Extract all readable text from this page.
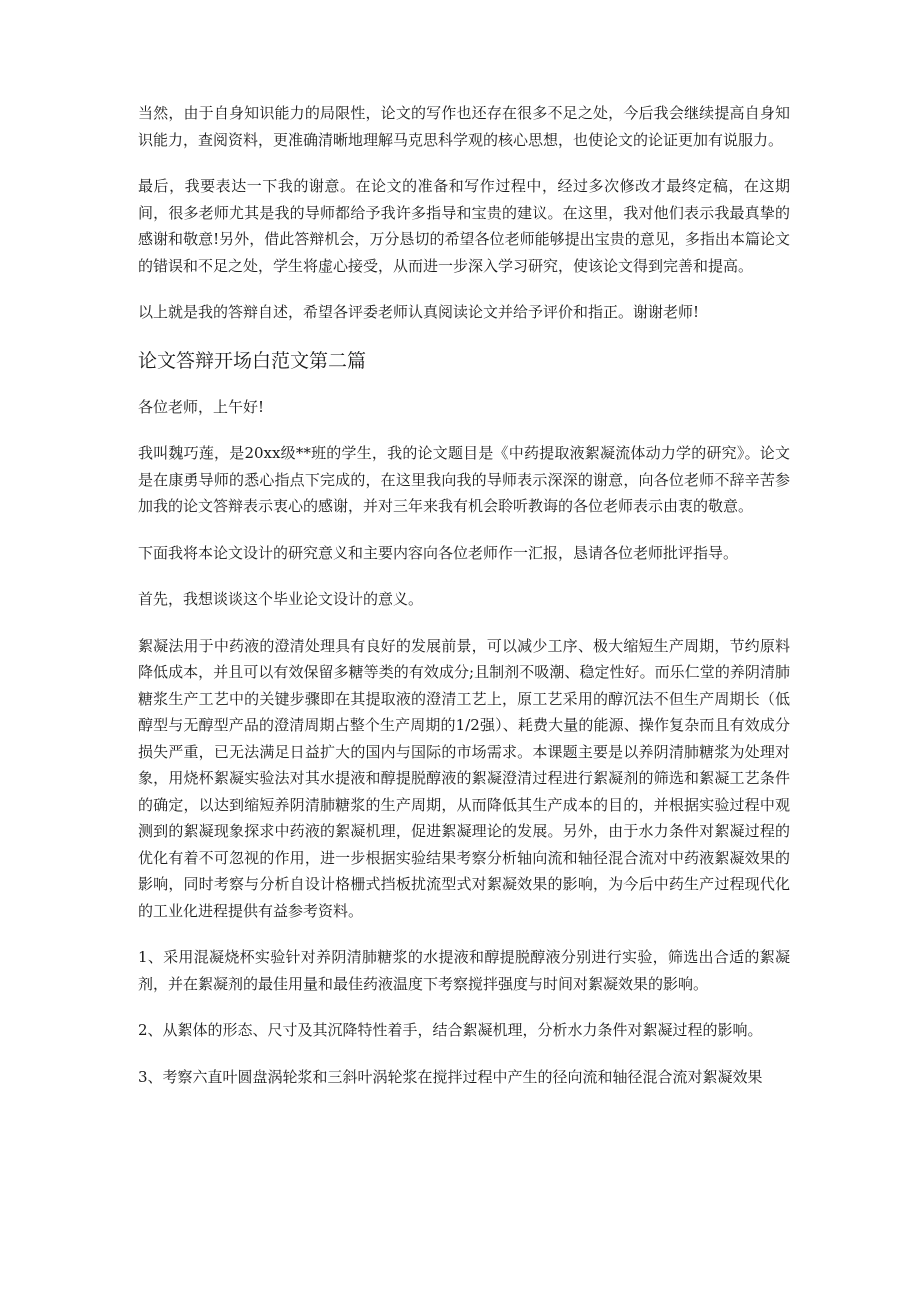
当然，由于自身知识能力的局限性，论文的写作也还存在很多不足之处，今后我会继续提高自身知识能力，查阅资料，更准确清晰地理解马克思科学观的核心思想，也使论文的论证更加有说服力。

最后，我要表达一下我的谢意。在论文的准备和写作过程中，经过多次修改才最终定稿，在这期间，很多老师尤其是我的导师都给予我许多指导和宝贵的建议。在这里，我对他们表示我最真挚的感谢和敬意!另外，借此答辩机会，万分恳切的希望各位老师能够提出宝贵的意见，多指出本篇论文的错误和不足之处，学生将虚心接受，从而进一步深入学习研究，使该论文得到完善和提高。

以上就是我的答辩自述，希望各评委老师认真阅读论文并给予评价和指正。谢谢老师!

论文答辩开场白范文第二篇

各位老师，上午好!

我叫魏巧莲，是20xx级**班的学生，我的论文题目是《中药提取液絮凝流体动力学的研究》。论文是在康勇导师的悉心指点下完成的，在这里我向我的导师表示深深的谢意，向各位老师不辞辛苦参加我的论文答辩表示衷心的感谢，并对三年来我有机会聆听教诲的各位老师表示由衷的敬意。

下面我将本论文设计的研究意义和主要内容向各位老师作一汇报，恳请各位老师批评指导。

首先，我想谈谈这个毕业论文设计的意义。

絮凝法用于中药液的澄清处理具有良好的发展前景，可以减少工序、极大缩短生产周期，节约原料降低成本，并且可以有效保留多糖等类的有效成分;且制剂不吸潮、稳定性好。而乐仁堂的养阴清肺糖浆生产工艺中的关键步骤即在其提取液的澄清工艺上，原工艺采用的醇沉法不但生产周期长（低醇型与无醇型产品的澄清周期占整个生产周期的1/2强）、耗费大量的能源、操作复杂而且有效成分损失严重，已无法满足日益扩大的国内与国际的市场需求。本课题主要是以养阴清肺糖浆为处理对象，用烧杯絮凝实验法对其水提液和醇提脱醇液的絮凝澄清过程进行絮凝剂的筛选和絮凝工艺条件的确定，以达到缩短养阴清肺糖浆的生产周期，从而降低其生产成本的目的，并根据实验过程中观测到的絮凝现象探求中药液的絮凝机理，促进絮凝理论的发展。另外，由于水力条件对絮凝过程的优化有着不可忽视的作用，进一步根据实验结果考察分析轴向流和轴径混合流对中药液絮凝效果的影响，同时考察与分析自设计格栅式挡板扰流型式对絮凝效果的影响，为今后中药生产过程现代化的工业化进程提供有益参考资料。

1、采用混凝烧杯实验针对养阴清肺糖浆的水提液和醇提脱醇液分别进行实验，筛选出合适的絮凝剂，并在絮凝剂的最佳用量和最佳药液温度下考察搅拌强度与时间对絮凝效果的影响。

2、从絮体的形态、尺寸及其沉降特性着手，结合絮凝机理，分析水力条件对絮凝过程的影响。

3、考察六直叶圆盘涡轮浆和三斜叶涡轮浆在搅拌过程中产生的径向流和轴径混合流对絮凝效果
